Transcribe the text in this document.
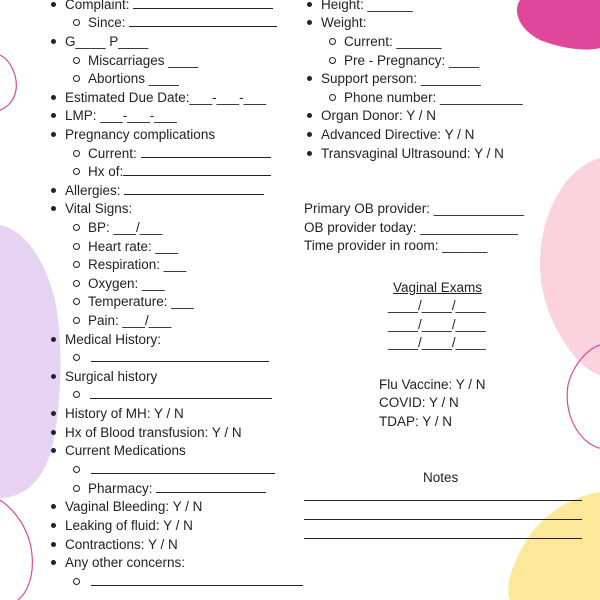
Complaint:
Since:
G____ P____
Miscarriages ____
Abortions ____
Estimated Due Date:___-___-___
LMP: ___-___-___
Pregnancy complications
Current:
Hx of:
Allergies:
Vital Signs:
BP: ___/___
Heart rate: ___
Respiration: ___
Oxygen: ___
Temperature: ___
Pain: ___/___
Medical History:
Surgical history
History of MH: Y / N
Hx of Blood transfusion: Y / N
Current Medications
Pharmacy:
Vaginal Bleeding: Y / N
Leaking of fluid: Y / N
Contractions: Y / N
Any other concerns:
Height: ______
Weight:
Current: ______
Pre - Pregnancy: ____
Support person: ________
Phone number: ___________
Organ Donor: Y / N
Advanced Directive: Y / N
Transvaginal Ultrasound: Y / N
Primary OB provider: ____________
OB provider today: _____________
Time provider in room: ______
Vaginal Exams
____/____/____
____/____/____
____/____/____
Flu Vaccine: Y / N
COVID: Y / N
TDAP: Y / N
Notes
